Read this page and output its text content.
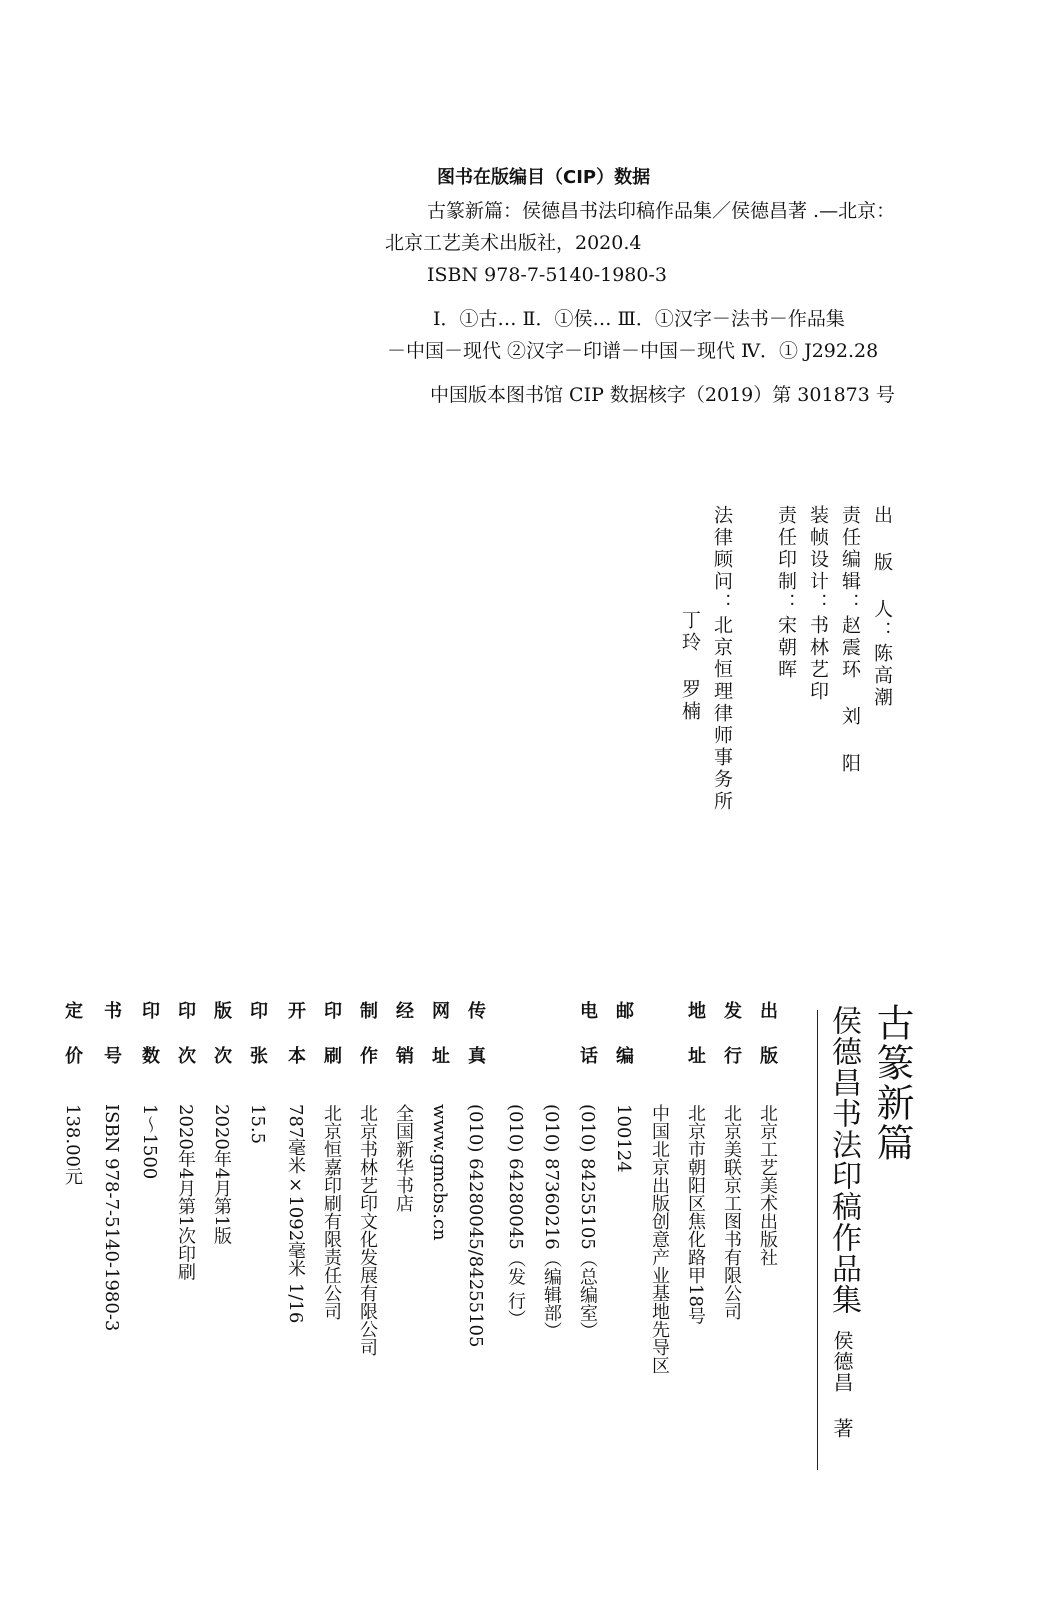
图书在版编目（CIP）数据
古篆新篇：侯德昌书法印稿作品集／侯德昌著 .—北京：
北京工艺美术出版社，2020.4
ISBN 978-7-5140-1980-3
Ⅰ．①古… Ⅱ．①侯… Ⅲ．①汉字－法书－作品集
－中国－现代 ②汉字－印谱－中国－现代 Ⅳ．① J292.28
中国版本图书馆 CIP 数据核字（2019）第 301873 号
出 版 人：陈高潮
责任编辑：赵震环 刘 阳
装帧设计：书林艺印
责任印制：宋朝晖
法律顾问：北京恒理律师事务所
丁玲 罗楠
古篆新篇
侯德昌书法印稿作品集
侯德昌 著
出版
北京工艺美术出版社
发行
北京美联京工图书有限公司
地址
北京市朝阳区焦化路甲18号
中国北京出版创意产业基地先导区
邮编
100124
电话
(010) 84255105（总编室）
(010) 87360216（编辑部）
(010) 64280045（发 行）
传真
(010) 64280045/84255105
网址
www.gmcbs.cn
经销
全国新华书店
制作
北京书林艺印文化发展有限公司
印刷
北京恒嘉印刷有限责任公司
开本
787毫米×1092毫米 1/16
印张
15.5
版次
2020年4月第1版
印次
2020年4月第1次印刷
印数
1～1500
书号
ISBN 978-7-5140-1980-3
定价
138.00元
